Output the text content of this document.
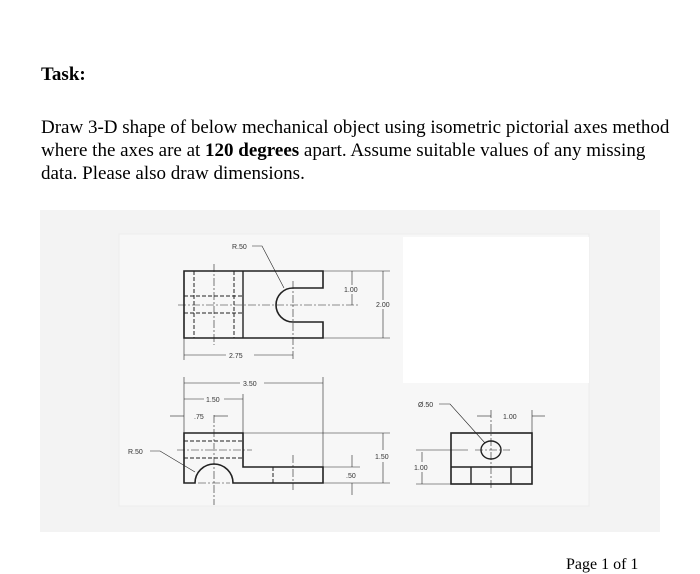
Task:

Draw 3-D shape of below mechanical object using isometric pictorial axes method where the axes are at 120 degrees apart. Assume suitable values of any missing data. Please also draw dimensions.

R.50
1.00
2.00
2.75
3.50
1.50
.75
R.50
1.50
.50
Ø.50
1.00
1.00
Page 1 of 1
